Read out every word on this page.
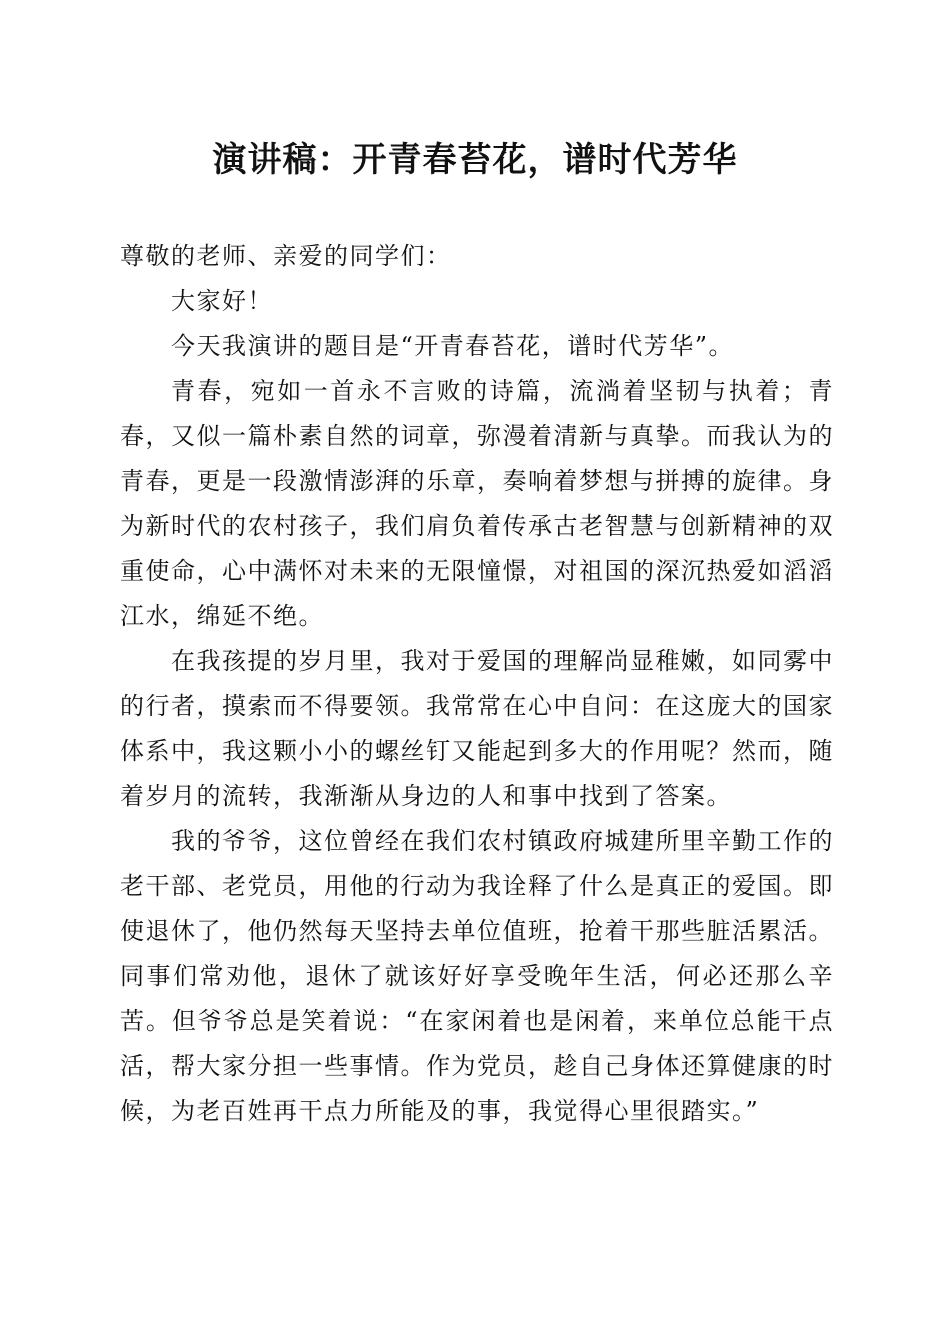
演讲稿：开青春苔花，谱时代芳华

尊敬的老师、亲爱的同学们：

大家好！

今天我演讲的题目是“开青春苔花，谱时代芳华”。

青春，宛如一首永不言败的诗篇，流淌着坚韧与执着；青春，又似一篇朴素自然的词章，弥漫着清新与真挚。而我认为的青春，更是一段激情澎湃的乐章，奏响着梦想与拼搏的旋律。身为新时代的农村孩子，我们肩负着传承古老智慧与创新精神的双重使命，心中满怀对未来的无限憧憬，对祖国的深沉热爱如滔滔江水，绵延不绝。

在我孩提的岁月里，我对于爱国的理解尚显稚嫩，如同雾中的行者，摸索而不得要领。我常常在心中自问：在这庞大的国家体系中，我这颗小小的螺丝钉又能起到多大的作用呢？然而，随着岁月的流转，我渐渐从身边的人和事中找到了答案。

我的爷爷，这位曾经在我们农村镇政府城建所里辛勤工作的老干部、老党员，用他的行动为我诠释了什么是真正的爱国。即使退休了，他仍然每天坚持去单位值班，抢着干那些脏活累活。同事们常劝他，退休了就该好好享受晚年生活，何必还那么辛苦。但爷爷总是笑着说：“在家闲着也是闲着，来单位总能干点活，帮大家分担一些事情。作为党员，趁自己身体还算健康的时候，为老百姓再干点力所能及的事，我觉得心里很踏实。”
